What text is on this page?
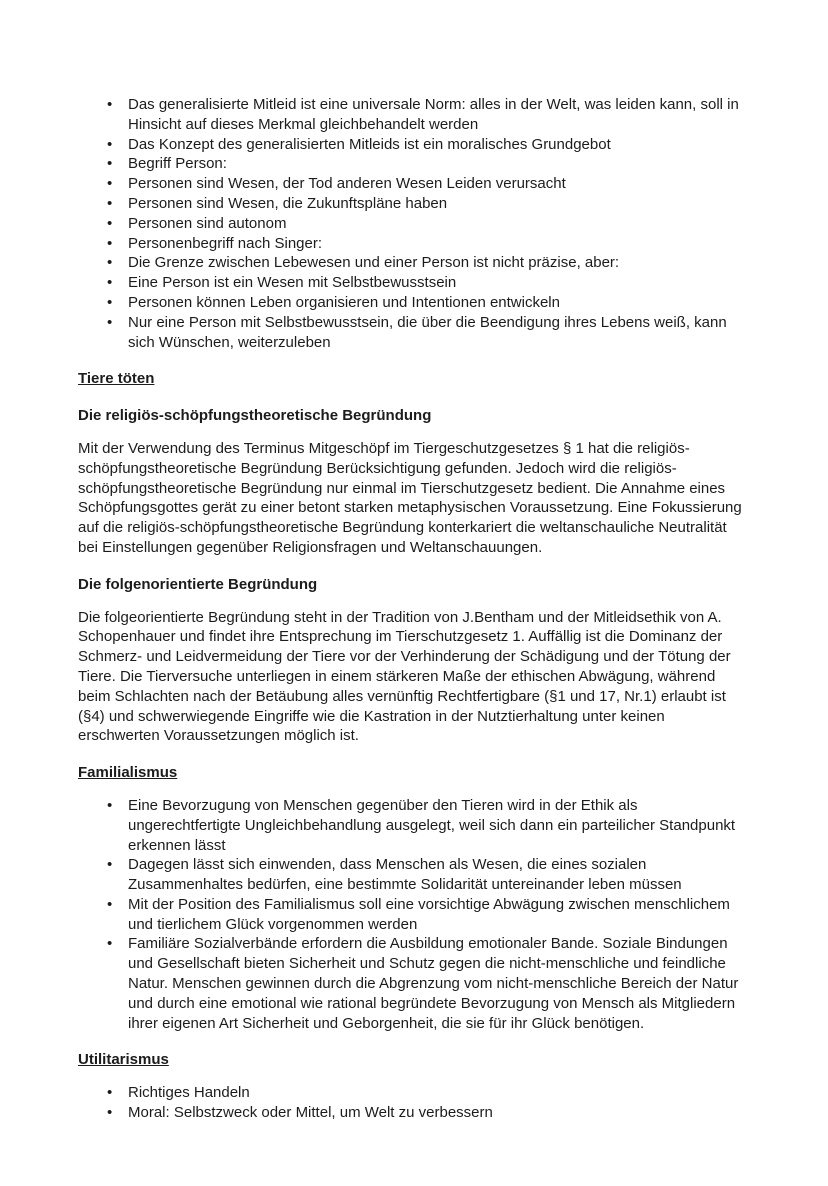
• Das generalisierte Mitleid ist eine universale Norm: alles in der Welt, was leiden kann, soll in Hinsicht auf dieses Merkmal gleichbehandelt werden
• Das Konzept des generalisierten Mitleids ist ein moralisches Grundgebot
• Begriff Person:
• Personen sind Wesen, der Tod anderen Wesen Leiden verursacht
• Personen sind Wesen, die Zukunftspläne haben
• Personen sind autonom
• Personenbegriff nach Singer:
• Die Grenze zwischen Lebewesen und einer Person ist nicht präzise, aber:
• Eine Person ist ein Wesen mit Selbstbewusstsein
• Personen können Leben organisieren und Intentionen entwickeln
• Nur eine Person mit Selbstbewusstsein, die über die Beendigung ihres Lebens weiß, kann sich Wünschen, weiterzuleben
Tiere töten
Die religiös-schöpfungstheoretische Begründung

Mit der Verwendung des Terminus Mitgeschöpf im Tiergeschutzgesetzes § 1 hat die religiös-schöpfungstheoretische Begründung Berücksichtigung gefunden. Jedoch wird die religiös-schöpfungstheoretische Begründung nur einmal im Tierschutzgesetz bedient. Die Annahme eines Schöpfungsgottes gerät zu einer betont starken metaphysischen Voraussetzung. Eine Fokussierung auf die religiös-schöpfungstheoretische Begründung konterkariert die weltanschauliche Neutralität bei Einstellungen gegenüber Religionsfragen und Weltanschauungen.

Die folgenorientierte Begründung

Die folgeorientierte Begründung steht in der Tradition von J.Bentham und der Mitleidsethik von A. Schopenhauer und findet ihre Entsprechung im Tierschutzgesetz 1. Auffällig ist die Dominanz der Schmerz- und Leidvermeidung der Tiere vor der Verhinderung der Schädigung und der Tötung der Tiere. Die Tierversuche unterliegen in einem stärkeren Maße der ethischen Abwägung, während beim Schlachten nach der Betäubung alles vernünftig Rechtfertigbare (§1 und 17, Nr.1) erlaubt ist (§4) und schwerwiegende Eingriffe wie die Kastration in der Nutztierhaltung unter keinen erschwerten Voraussetzungen möglich ist.

Familialismus
• Eine Bevorzugung von Menschen gegenüber den Tieren wird in der Ethik als ungerechtfertigte Ungleichbehandlung ausgelegt, weil sich dann ein parteilicher Standpunkt erkennen lässt
• Dagegen lässt sich einwenden, dass Menschen als Wesen, die eines sozialen Zusammenhaltes bedürfen, eine bestimmte Solidarität untereinander leben müssen
• Mit der Position des Familialismus soll eine vorsichtige Abwägung zwischen menschlichem und tierlichem Glück vorgenommen werden
• Familiäre Sozialverbände erfordern die Ausbildung emotionaler Bande. Soziale Bindungen und Gesellschaft bieten Sicherheit und Schutz gegen die nicht-menschliche und feindliche Natur. Menschen gewinnen durch die Abgrenzung vom nicht-menschliche Bereich der Natur und durch eine emotional wie rational begründete Bevorzugung von Mensch als Mitgliedern ihrer eigenen Art Sicherheit und Geborgenheit, die sie für ihr Glück benötigen.
Utilitarismus
• Richtiges Handeln
• Moral: Selbstzweck oder Mittel, um Welt zu verbessern
